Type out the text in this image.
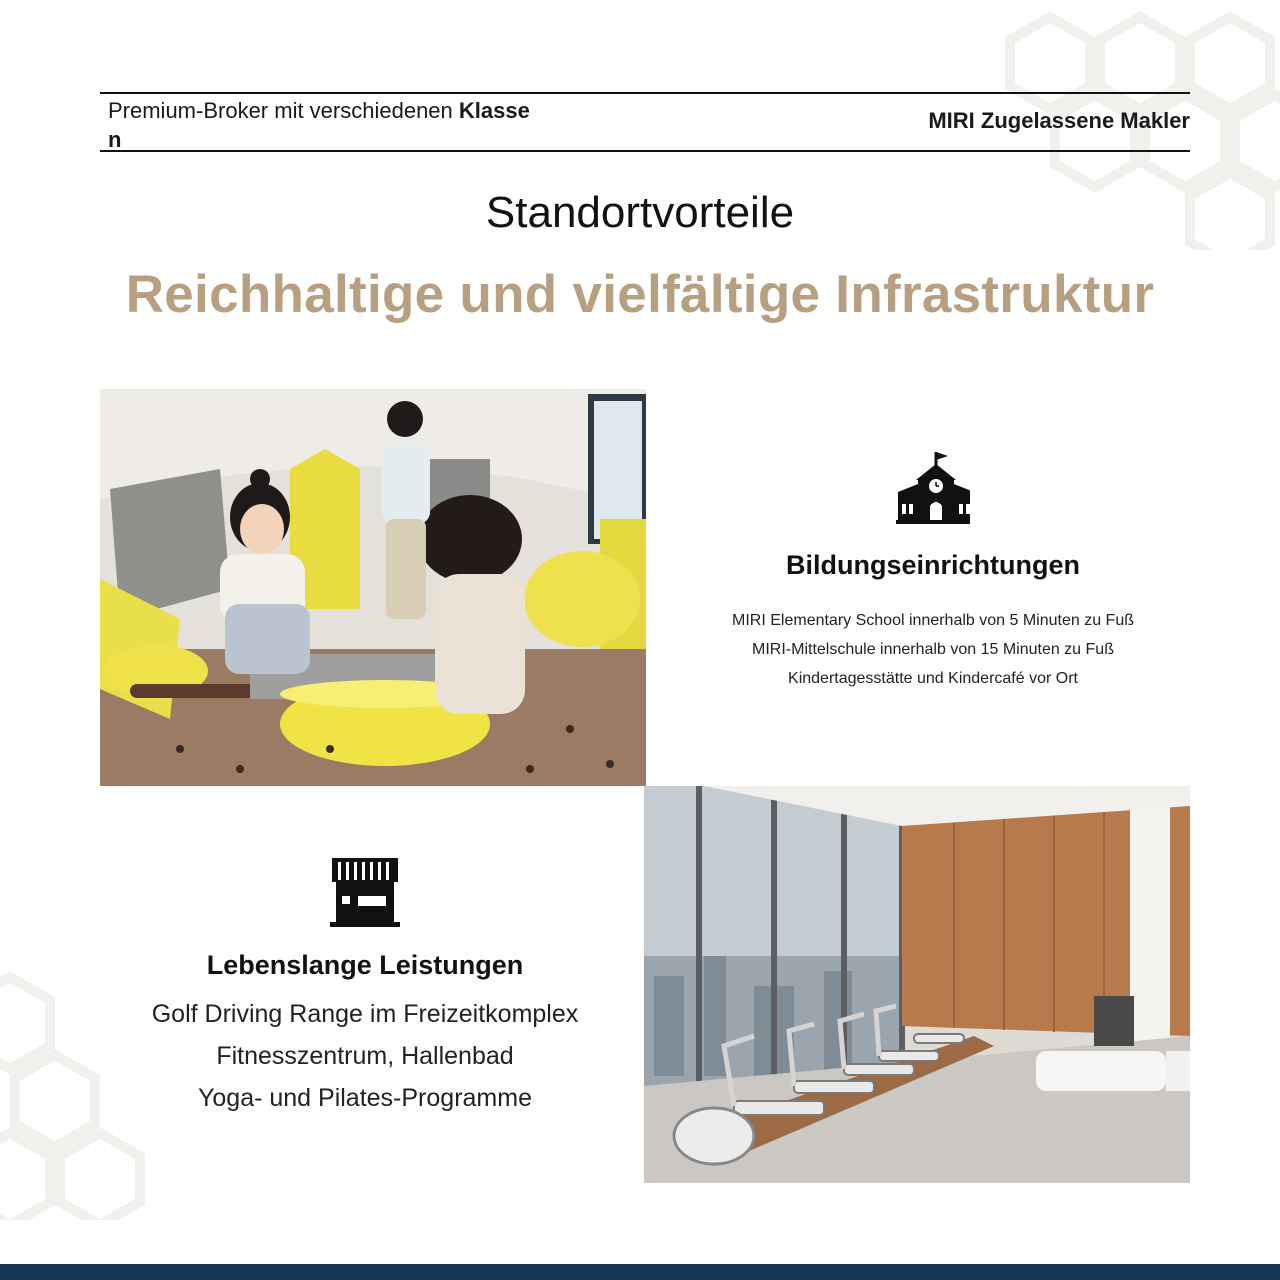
Premium-Broker mit verschiedenen Klasse
n
MIRI Zugelassene Makler
Standortvorteile
Reichhaltige und vielfältige Infrastruktur
Bildungseinrichtungen
MIRI Elementary School innerhalb von 5 Minuten zu Fuß
MIRI-Mittelschule innerhalb von 15 Minuten zu Fuß
Kindertagesstätte und Kindercafé vor Ort
Lebenslange Leistungen
Golf Driving Range im Freizeitkomplex
Fitnesszentrum, Hallenbad
Yoga- und Pilates-Programme
